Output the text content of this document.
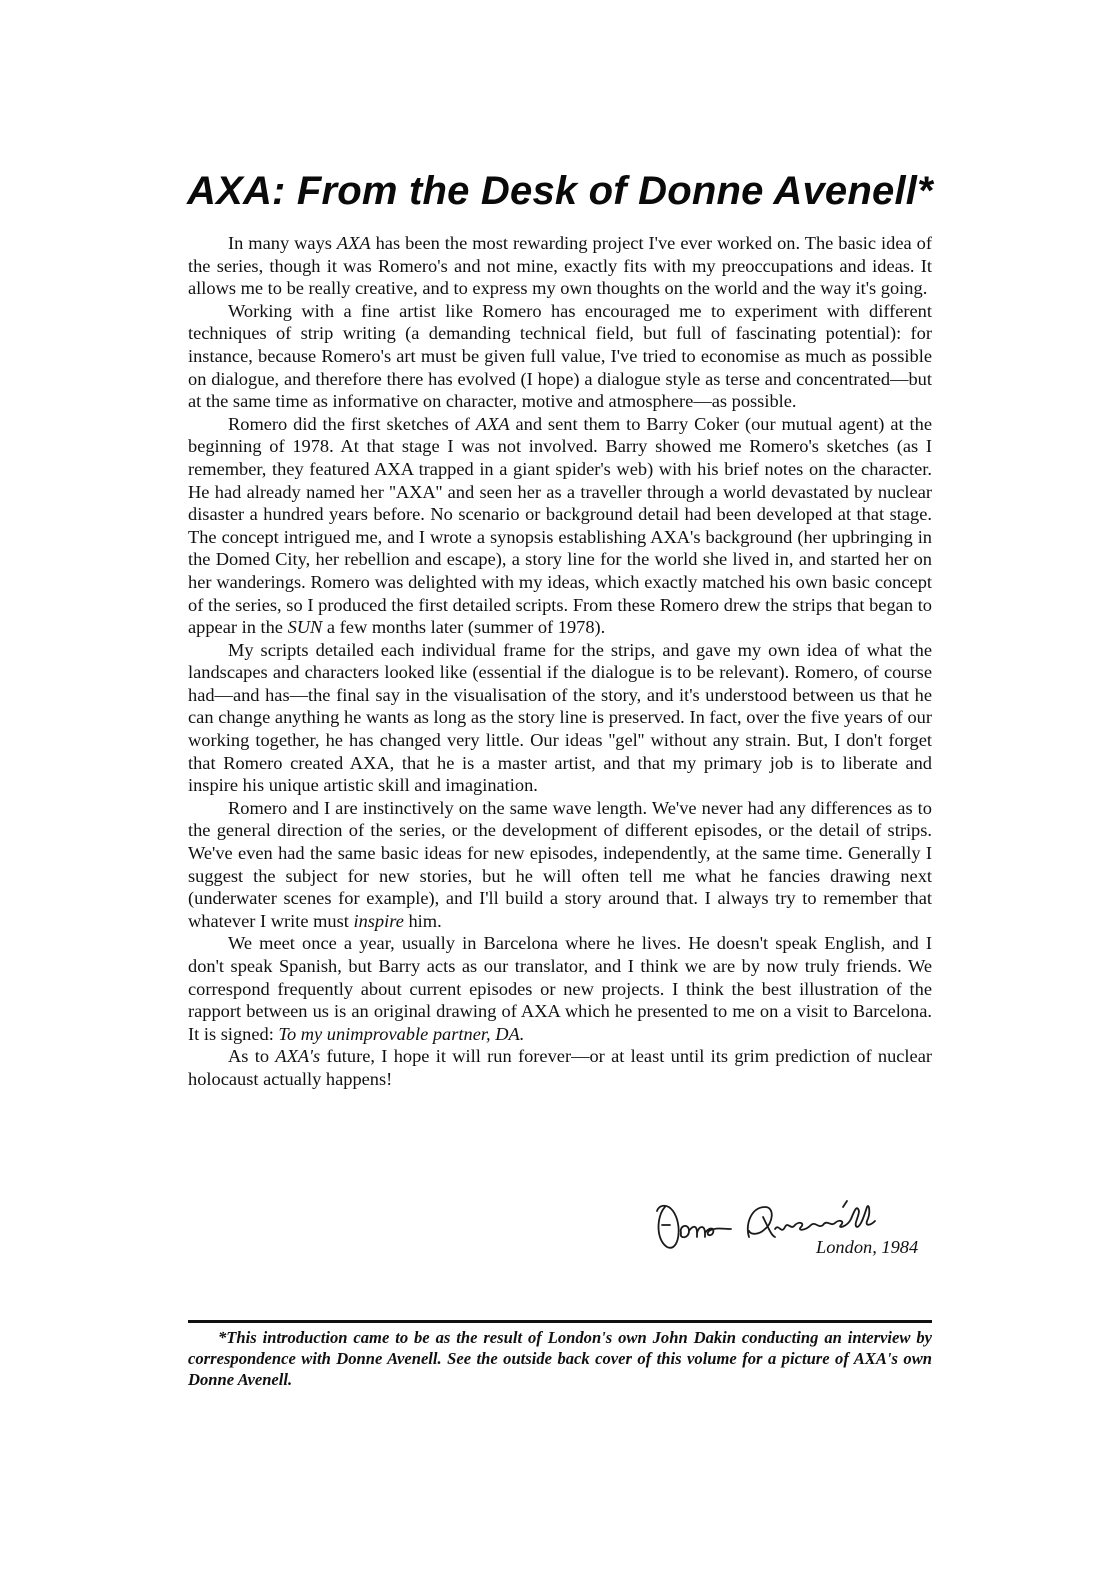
AXA: From the Desk of Donne Avenell*

In many ways AXA has been the most rewarding project I've ever worked on. The basic idea of the series, though it was Romero's and not mine, exactly fits with my preoccupations and ideas. It allows me to be really creative, and to express my own thoughts on the world and the way it's going.

Working with a fine artist like Romero has encouraged me to experiment with different techniques of strip writing (a demanding technical field, but full of fascinating potential): for instance, because Romero's art must be given full value, I've tried to economise as much as possible on dialogue, and therefore there has evolved (I hope) a dialogue style as terse and concentrated—but at the same time as informative on character, motive and atmosphere—as possible.

Romero did the first sketches of AXA and sent them to Barry Coker (our mutual agent) at the beginning of 1978. At that stage I was not involved. Barry showed me Romero's sketches (as I remember, they featured AXA trapped in a giant spider's web) with his brief notes on the character. He had already named her ''AXA'' and seen her as a traveller through a world devastated by nuclear disaster a hundred years before. No scenario or background detail had been developed at that stage. The concept intrigued me, and I wrote a synopsis establishing AXA's background (her upbringing in the Domed City, her rebellion and escape), a story line for the world she lived in, and started her on her wanderings. Romero was delighted with my ideas, which exactly matched his own basic concept of the series, so I produced the first detailed scripts. From these Romero drew the strips that began to appear in the SUN a few months later (summer of 1978).

My scripts detailed each individual frame for the strips, and gave my own idea of what the landscapes and characters looked like (essential if the dialogue is to be relevant). Romero, of course had—and has—the final say in the visualisation of the story, and it's understood between us that he can change anything he wants as long as the story line is preserved. In fact, over the five years of our working together, he has changed very little. Our ideas ''gel'' without any strain. But, I don't forget that Romero created AXA, that he is a master artist, and that my primary job is to liberate and inspire his unique artistic skill and imagination.

Romero and I are instinctively on the same wave length. We've never had any differences as to the general direction of the series, or the development of different episodes, or the detail of strips. We've even had the same basic ideas for new episodes, independently, at the same time. Generally I suggest the subject for new stories, but he will often tell me what he fancies drawing next (underwater scenes for example), and I'll build a story around that. I always try to remember that whatever I write must inspire him.

We meet once a year, usually in Barcelona where he lives. He doesn't speak English, and I don't speak Spanish, but Barry acts as our translator, and I think we are by now truly friends. We correspond frequently about current episodes or new projects. I think the best illustration of the rapport between us is an original drawing of AXA which he presented to me on a visit to Barcelona. It is signed: To my unimprovable partner, DA.

As to AXA's future, I hope it will run forever—or at least until its grim prediction of nuclear holocaust actually happens!

London, 1984

*This introduction came to be as the result of London's own John Dakin conducting an interview by correspondence with Donne Avenell. See the outside back cover of this volume for a picture of AXA's own Donne Avenell.
